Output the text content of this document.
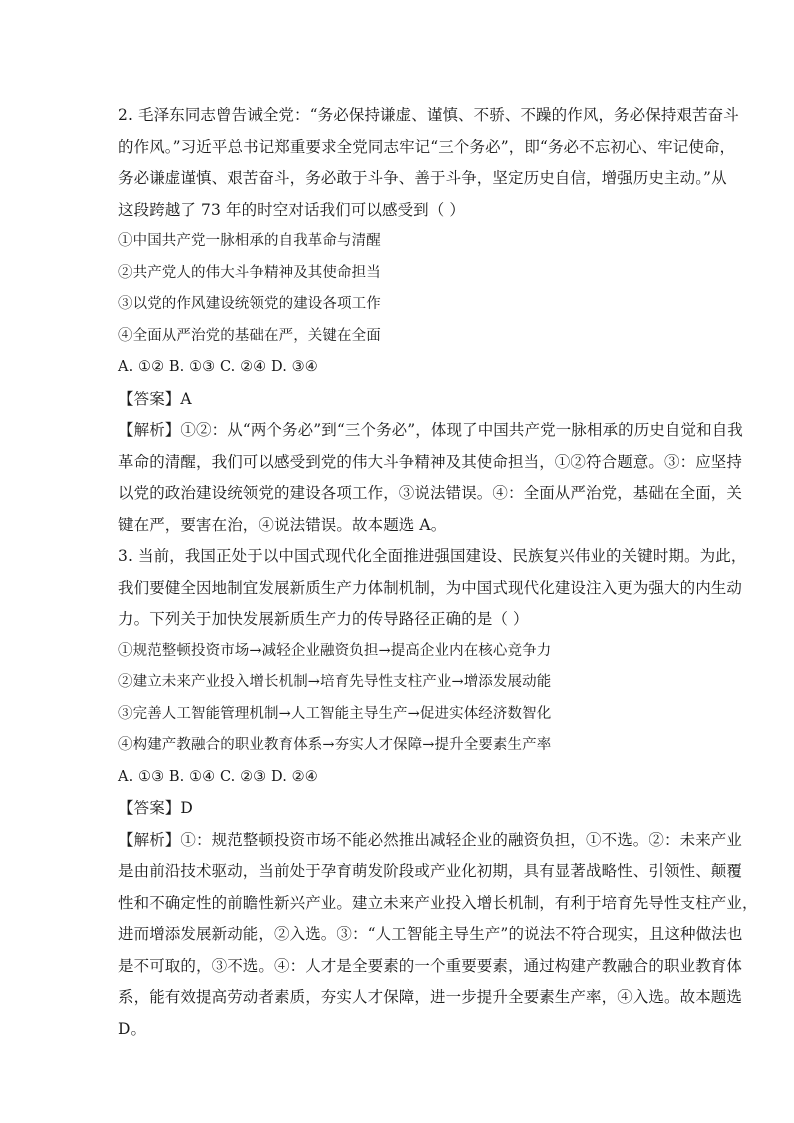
2. 毛泽东同志曾告诫全党：“务必保持谦虚、谨慎、不骄、不躁的作风，务必保持艰苦奋斗
的作风。”习近平总书记郑重要求全党同志牢记“三个务必”，即“务必不忘初心、牢记使命，
务必谦虚谨慎、艰苦奋斗，务必敢于斗争、善于斗争，坚定历史自信，增强历史主动。”从
这段跨越了 73 年的时空对话我们可以感受到（ ）
①中国共产党一脉相承的自我革命与清醒
②共产党人的伟大斗争精神及其使命担当
③以党的作风建设统领党的建设各项工作
④全面从严治党的基础在严，关键在全面
A. ①② B. ①③ C. ②④ D. ③④
【答案】A
【解析】①②：从“两个务必”到“三个务必”，体现了中国共产党一脉相承的历史自觉和自我
革命的清醒，我们可以感受到党的伟大斗争精神及其使命担当，①②符合题意。③：应坚持
以党的政治建设统领党的建设各项工作，③说法错误。④：全面从严治党，基础在全面，关
键在严，要害在治，④说法错误。故本题选 A。
3. 当前，我国正处于以中国式现代化全面推进强国建设、民族复兴伟业的关键时期。为此，
我们要健全因地制宜发展新质生产力体制机制，为中国式现代化建设注入更为强大的内生动
力。下列关于加快发展新质生产力的传导路径正确的是（ ）
①规范整顿投资市场→减轻企业融资负担→提高企业内在核心竞争力
②建立未来产业投入增长机制→培育先导性支柱产业→增添发展动能
③完善人工智能管理机制→人工智能主导生产→促进实体经济数智化
④构建产教融合的职业教育体系→夯实人才保障→提升全要素生产率
A. ①③ B. ①④ C. ②③ D. ②④
【答案】D
【解析】①：规范整顿投资市场不能必然推出减轻企业的融资负担，①不选。②：未来产业
是由前沿技术驱动，当前处于孕育萌发阶段或产业化初期，具有显著战略性、引领性、颠覆
性和不确定性的前瞻性新兴产业。建立未来产业投入增长机制，有利于培育先导性支柱产业，
进而增添发展新动能，②入选。③：“人工智能主导生产”的说法不符合现实，且这种做法也
是不可取的，③不选。④：人才是全要素的一个重要要素，通过构建产教融合的职业教育体
系，能有效提高劳动者素质，夯实人才保障，进一步提升全要素生产率，④入选。故本题选
D。
